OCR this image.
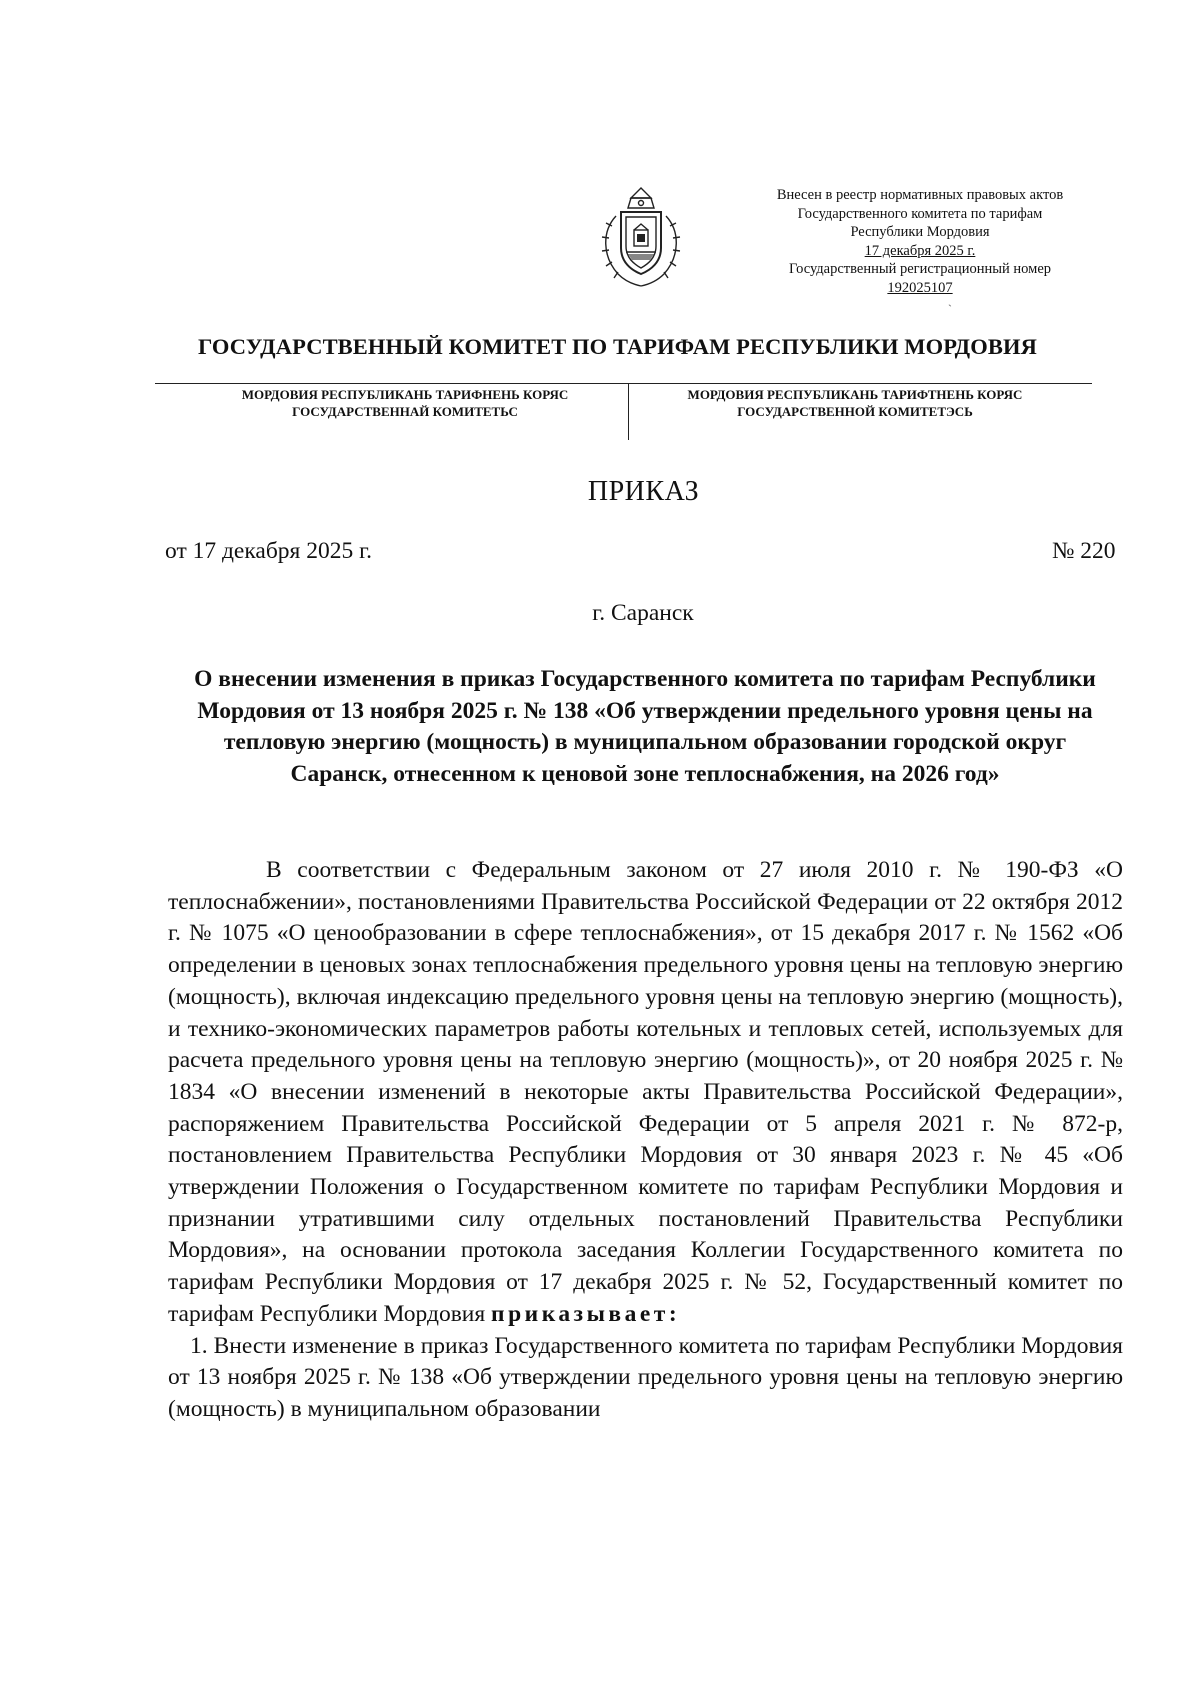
Внесен в реестр нормативных правовых актов
Государственного комитета по тарифам
Республики Мордовия
17 декабря 2025 г.
Государственный регистрационный номер
192025107
ˋ
ГОСУДАРСТВЕННЫЙ КОМИТЕТ ПО ТАРИФАМ РЕСПУБЛИКИ МОРДОВИЯ
МОРДОВИЯ РЕСПУБЛИКАНЬ ТАРИФНЕНЬ КОРЯС
ГОСУДАРСТВЕННАЙ КОМИТЕТЬС
МОРДОВИЯ РЕСПУБЛИКАНЬ ТАРИФТНЕНЬ КОРЯС
ГОСУДАРСТВЕННОЙ КОМИТЕТЭСЬ
ПРИКАЗ
от 17 декабря 2025 г.	№ 220
г. Саранск
О внесении изменения в приказ Государственного комитета по тарифам Республики Мордовия от 13 ноября 2025 г. № 138 «Об утверждении предельного уровня цены на тепловую энергию (мощность) в муниципальном образовании городской округ Саранск, отнесенном к ценовой зоне теплоснабжения, на 2026 год»

В соответствии с Федеральным законом от 27 июля 2010 г. № 190-ФЗ «О теплоснабжении», постановлениями Правительства Российской Федерации от 22 октября 2012 г. № 1075 «О ценообразовании в сфере теплоснабжения», от 15 декабря 2017 г. № 1562 «Об определении в ценовых зонах теплоснабжения предельного уровня цены на тепловую энергию (мощность), включая индексацию предельного уровня цены на тепловую энергию (мощность), и технико-экономических параметров работы котельных и тепловых сетей, используемых для расчета предельного уровня цены на тепловую энергию (мощность)», от 20 ноября 2025 г. № 1834 «О внесении изменений в некоторые акты Правительства Российской Федерации», распоряжением Правительства Российской Федерации от 5 апреля 2021 г. № 872-р, постановлением Правительства Республики Мордовия от 30 января 2023 г. № 45 «Об утверждении Положения о Государственном комитете по тарифам Республики Мордовия и признании утратившими силу отдельных постановлений Правительства Республики Мордовия», на основании протокола заседания Коллегии Государственного комитета по тарифам Республики Мордовия от 17 декабря 2025 г. № 52, Государственный комитет по тарифам Республики Мордовия приказывает:

1. Внести изменение в приказ Государственного комитета по тарифам Республики Мордовия от 13 ноября 2025 г. № 138 «Об утверждении предельного уровня цены на тепловую энергию (мощность) в муниципальном образовании
